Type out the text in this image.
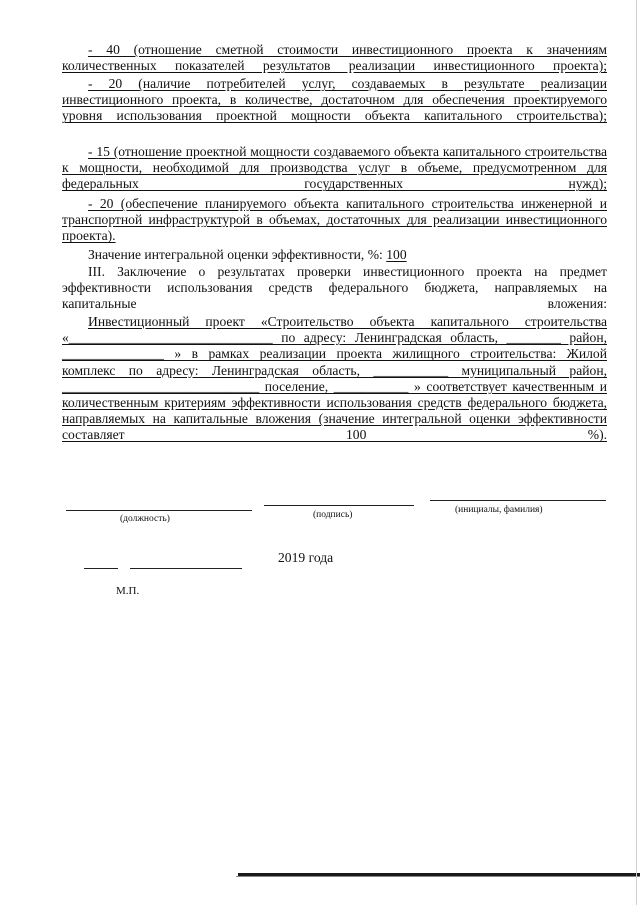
- 40 (отношение сметной стоимости инвестиционного проекта к значениям количественных показателей результатов реализации инвестиционного проекта);
- 20 (наличие потребителей услуг, создаваемых в результате реализации инвестиционного проекта, в количестве, достаточном для обеспечения проектируемого уровня использования проектной мощности объекта капитального строительства);
- 15 (отношение проектной мощности создаваемого объекта капитального строительства к мощности, необходимой для производства услуг в объеме, предусмотренном для федеральных государственных нужд);
- 20 (обеспечение планируемого объекта капитального строительства инженерной и транспортной инфраструктурой в объемах, достаточных для реализации инвестиционного проекта).
Значение интегральной оценки эффективности, %: 100
III. Заключение о результатах проверки инвестиционного проекта на предмет эффективности использования средств федерального бюджета, направляемых на капитальные вложения:
Инвестиционный проект «Строительство объекта капитального строительства «______________________________ по адресу: Ленинградская область, ________ район, _______________ » в рамках реализации проекта жилищного строительства: Жилой комплекс по адресу: Ленинградская область, ___________ муниципальный район, _____________________________ поселение, ___________ » соответствует качественным и количественным критериям эффективности использования средств федерального бюджета, направляемых на капитальные вложения (значение интегральной оценки эффективности составляет 100 %).
(должность)	(подпись)	(инициалы, фамилия)
2019 года
М.П.
